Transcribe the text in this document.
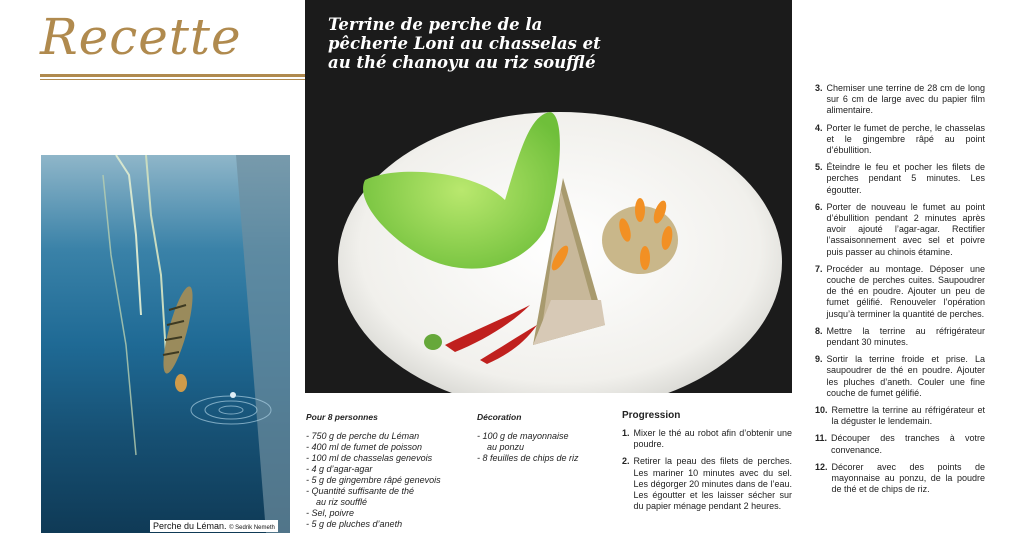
Recette	Terrine de perche de la pêcherie Loni au chasselas et au thé chanoyu au riz soufflé
Perche du Léman. © Sedrik Nemeth
Pour 8 personnes
- 750 g de perche du Léman
- 400 ml de fumet de poisson
- 100 ml de chasselas genevois
- 4 g d’agar-agar
- 5 g de gingembre râpé genevois
- Quantité suffisante de thé
au riz soufflé
- Sel, poivre
- 5 g de pluches d’aneth
Décoration
- 100 g de mayonnaise
au ponzu
- 8 feuilles de chips de riz
Progression
1. Mixer le thé au robot afin d’obtenir une poudre.
2. Retirer la peau des filets de perches. Les mariner 10 minutes avec du sel. Les dégorger 20 minutes dans de l’eau. Les égoutter et les laisser sécher sur du papier ménage pendant 2 heures.
3. Chemiser une terrine de 28 cm de long sur 6 cm de large avec du papier film alimentaire.
4. Porter le fumet de perche, le chasselas et le gingembre râpé au point d’ébullition.
5. Éteindre le feu et pocher les filets de perches pendant 5 minutes. Les égoutter.
6. Porter de nouveau le fumet au point d’ébullition pendant 2 minutes après avoir ajouté l’agar-agar. Rectifier l’assaisonnement avec sel et poivre puis passer au chinois étamine.
7. Procéder au montage. Déposer une couche de perches cuites. Saupoudrer de thé en poudre. Ajouter un peu de fumet gélifié. Renouveler l’opération jusqu’à terminer la quantité de perches.
8. Mettre la terrine au réfrigérateur pendant 30 minutes.
9. Sortir la terrine froide et prise. La saupoudrer de thé en poudre. Ajouter les pluches d’aneth. Couler une fine couche de fumet gélifié.
10. Remettre la terrine au réfrigérateur et la déguster le lendemain.
11. Découper des tranches à votre convenance.
12. Décorer avec des points de mayonnaise au ponzu, de la poudre de thé et de chips de riz.
